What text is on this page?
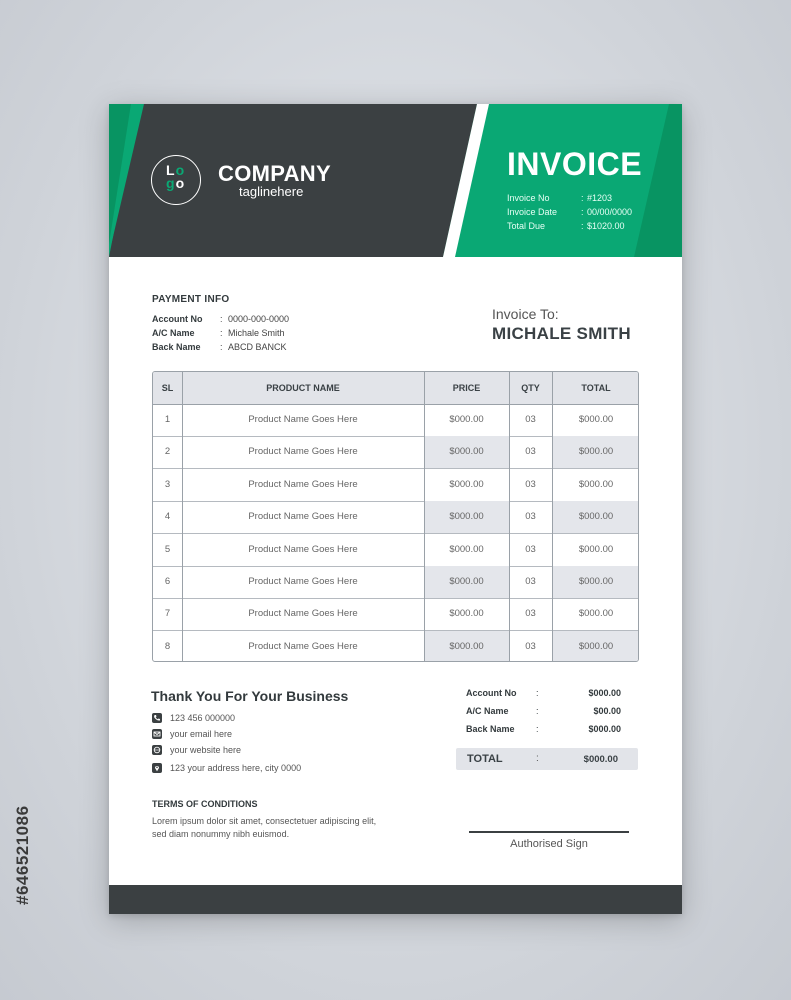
#646521086
Lo
go COMPANY
taglinehere
INVOICE
Invoice No	: #1203
Invoice Date	: 00/00/0000
Total Due	: $1020.00
PAYMENT INFO
Account No : 0000-000-0000
A/C Name	: Michale Smith
Back Name : ABCD BANCK
Invoice To:
MICHALE SMITH
SL	PRODUCT NAME	PRICE	QTY	TOTAL
1	Product Name Goes Here	$000.00	03	$000.00
2	Product Name Goes Here	$000.00	03	$000.00
3	Product Name Goes Here	$000.00	03	$000.00
4	Product Name Goes Here	$000.00	03	$000.00
5	Product Name Goes Here	$000.00	03	$000.00
6	Product Name Goes Here	$000.00	03	$000.00
7	Product Name Goes Here	$000.00	03	$000.00
8	Product Name Goes Here	$000.00	03	$000.00
Thank You For Your Business
123 456 000000
your email here
your website here
123 your address here, city 0000
TERMS OF CONDITIONS
Lorem ipsum dolor sit amet, consectetuer adipiscing elit, sed diam nonummy nibh euismod.
Account No :	$000.00
A/C Name	:	$00.00
Back Name :	$000.00
TOTAL	:	$000.00
Authorised Sign
